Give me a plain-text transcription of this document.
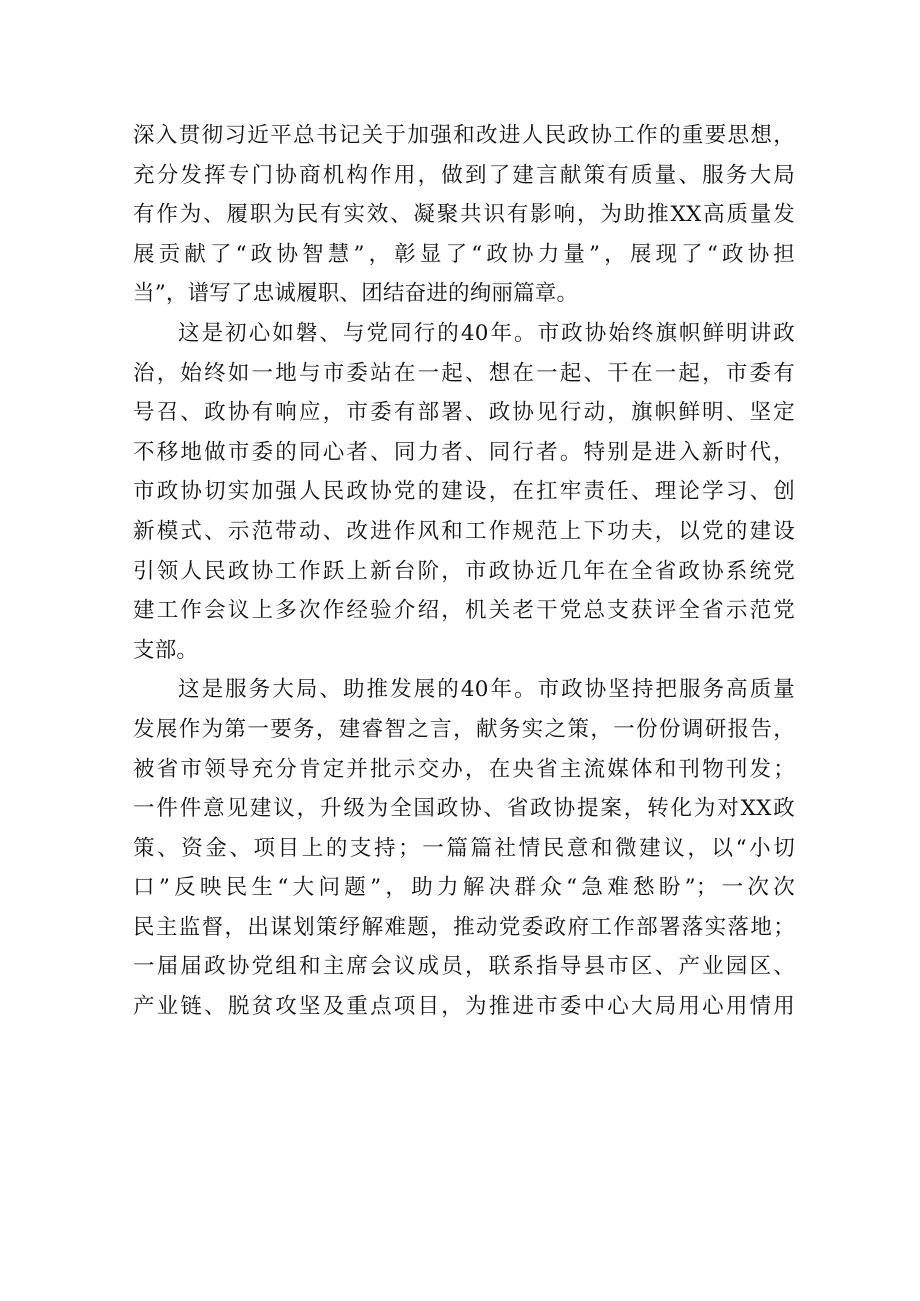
深入贯彻习近平总书记关于加强和改进人民政协工作的重要思想，
充分发挥专门协商机构作用，做到了建言献策有质量、服务大局
有作为、履职为民有实效、凝聚共识有影响，为助推XX高质量发
展贡献了“政协智慧”，彰显了“政协力量”，展现了“政协担
当”，谱写了忠诚履职、团结奋进的绚丽篇章。
这是初心如磐、与党同行的40年。市政协始终旗帜鲜明讲政
治，始终如一地与市委站在一起、想在一起、干在一起，市委有
号召、政协有响应，市委有部署、政协见行动，旗帜鲜明、坚定
不移地做市委的同心者、同力者、同行者。特别是进入新时代，
市政协切实加强人民政协党的建设，在扛牢责任、理论学习、创
新模式、示范带动、改进作风和工作规范上下功夫，以党的建设
引领人民政协工作跃上新台阶，市政协近几年在全省政协系统党
建工作会议上多次作经验介绍，机关老干党总支获评全省示范党
支部。
这是服务大局、助推发展的40年。市政协坚持把服务高质量
发展作为第一要务，建睿智之言，献务实之策，一份份调研报告，
被省市领导充分肯定并批示交办，在央省主流媒体和刊物刊发；
一件件意见建议，升级为全国政协、省政协提案，转化为对XX政
策、资金、项目上的支持；一篇篇社情民意和微建议，以“小切
口”反映民生“大问题”，助力解决群众“急难愁盼”；一次次
民主监督，出谋划策纾解难题，推动党委政府工作部署落实落地；
一届届政协党组和主席会议成员，联系指导县市区、产业园区、
产业链、脱贫攻坚及重点项目，为推进市委中心大局用心用情用
